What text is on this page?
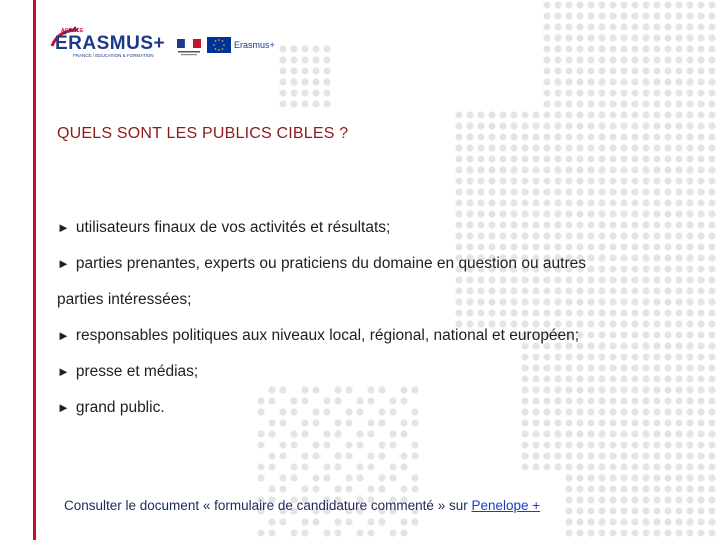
AGENCE
ERASMUS+
FRANCE / EDUCATION & FORMATION
Erasmus+
QUELS SONT LES PUBLICS CIBLES ?
► utilisateurs finaux de vos activités et résultats;
► parties prenantes, experts ou praticiens du domaine en question ou autres
parties intéressées;
► responsables politiques aux niveaux local, régional, national et européen;
► presse et médias;
► grand public.
Consulter le document « formulaire de candidature commenté » sur Penelope +
